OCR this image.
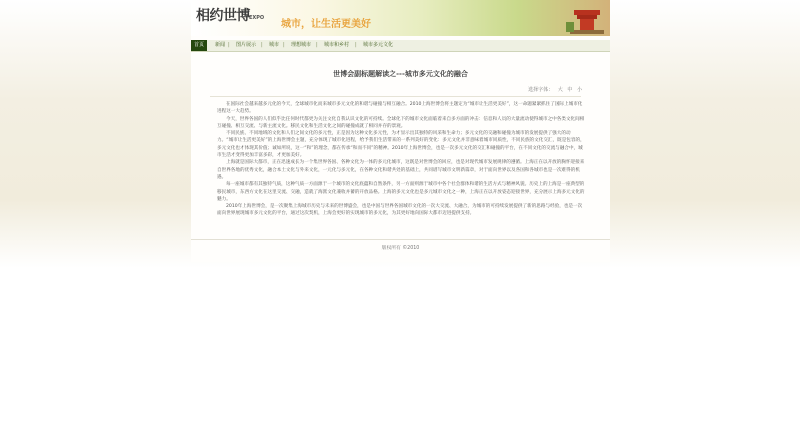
相约世博 EXPO
城市，让生活更美好
首页	新闻 | 图片展示 | 城市 | 理想城市 | 城市和乡村 | 城市多元文化
世博会副标题解读之---城市多元文化的融合
选择字体： 大 中 小

在国际社会越来越多元化的今天，全球城市化而来城市多元文化的和谐与碰撞与相互融合。2010上海世博会将主题定为“城市让生活更美好”，这一命题紧紧抓住了国际上城市化进程这一大趋势。

今天，世界各国的人们似乎比任何时代都更为关注文化自我认识文化的可持续。全球化下的城市文化面临着来自多方面的冲击：信息和人员的大量流动使得城市之中各类文化间相互碰撞、相互交流、与新主流文化。移民文化和生活文化之间的碰撞成就了相同并存的景观。

不同民族、不同地域的文化和人们之间文化的多元性，正是因为这种文化多元性，为才显示出其独特的风采和生命力；多元文化的交融和碰撞为城市的发展提供了强大的动力。“城市让生活更美好”的上海世博会主题，充分体现了城市化进程，给予我们生活带来的一系列美好的变化：多元文化并非意味着城市同质性，不同民族的文化交汇，既是包容的，多元文化也才体现其价值；诚如所说，这一“和”的理念，都在传承“和而不同”的精神。2010年上海世博会，也是一次多元文化的交汇和碰撞的平台，在不同文化的交流与融合中，城市生活才变得更加丰富多彩，才更加美好。

上海就是国际大都市，正在迅速成长为一个集世界各国、各种文化为一体的多元化城市，这既是对世博会的回应，也是对现代城市发展规律的遵循。上海正在以开放的胸怀迎接来自世界各地的优秀文化，融合本土文化与外来文化，一元化与多元化，在各种文化和谐共处的基础上，共同谱写城市文明新篇章，对于面向世界以及各国和各城市也是一次难得的机遇。

每一座城市都有其独特气质，这种气质一方面源于一个城市的文化底蕴和自然条件，另一方面则源于城市中各个社会群体和谐的生活方式与精神风貌。历史上的上海是一座典型的移民城市，东西方文化在这里交流、交融，造就了海派文化兼收并蓄的开放品格。上海的多元文化也是多元城市文化之一种，上海正在以开放姿态迎接世界，充分展示上海多元文化的魅力。

2010年上海世博会，是一次聚集上海城市历史与未来的世博盛会，也是中国与世界各国城市文化的一次大交流、大融合，为城市的可持续发展提供了新的思路与经验，也是一次面向世界展现城市多元文化的平台，通过这次契机，上海会更好的实现城市的多元化，为其更好地向国际大都市迈进提供支持。

版权所有 ©2010
